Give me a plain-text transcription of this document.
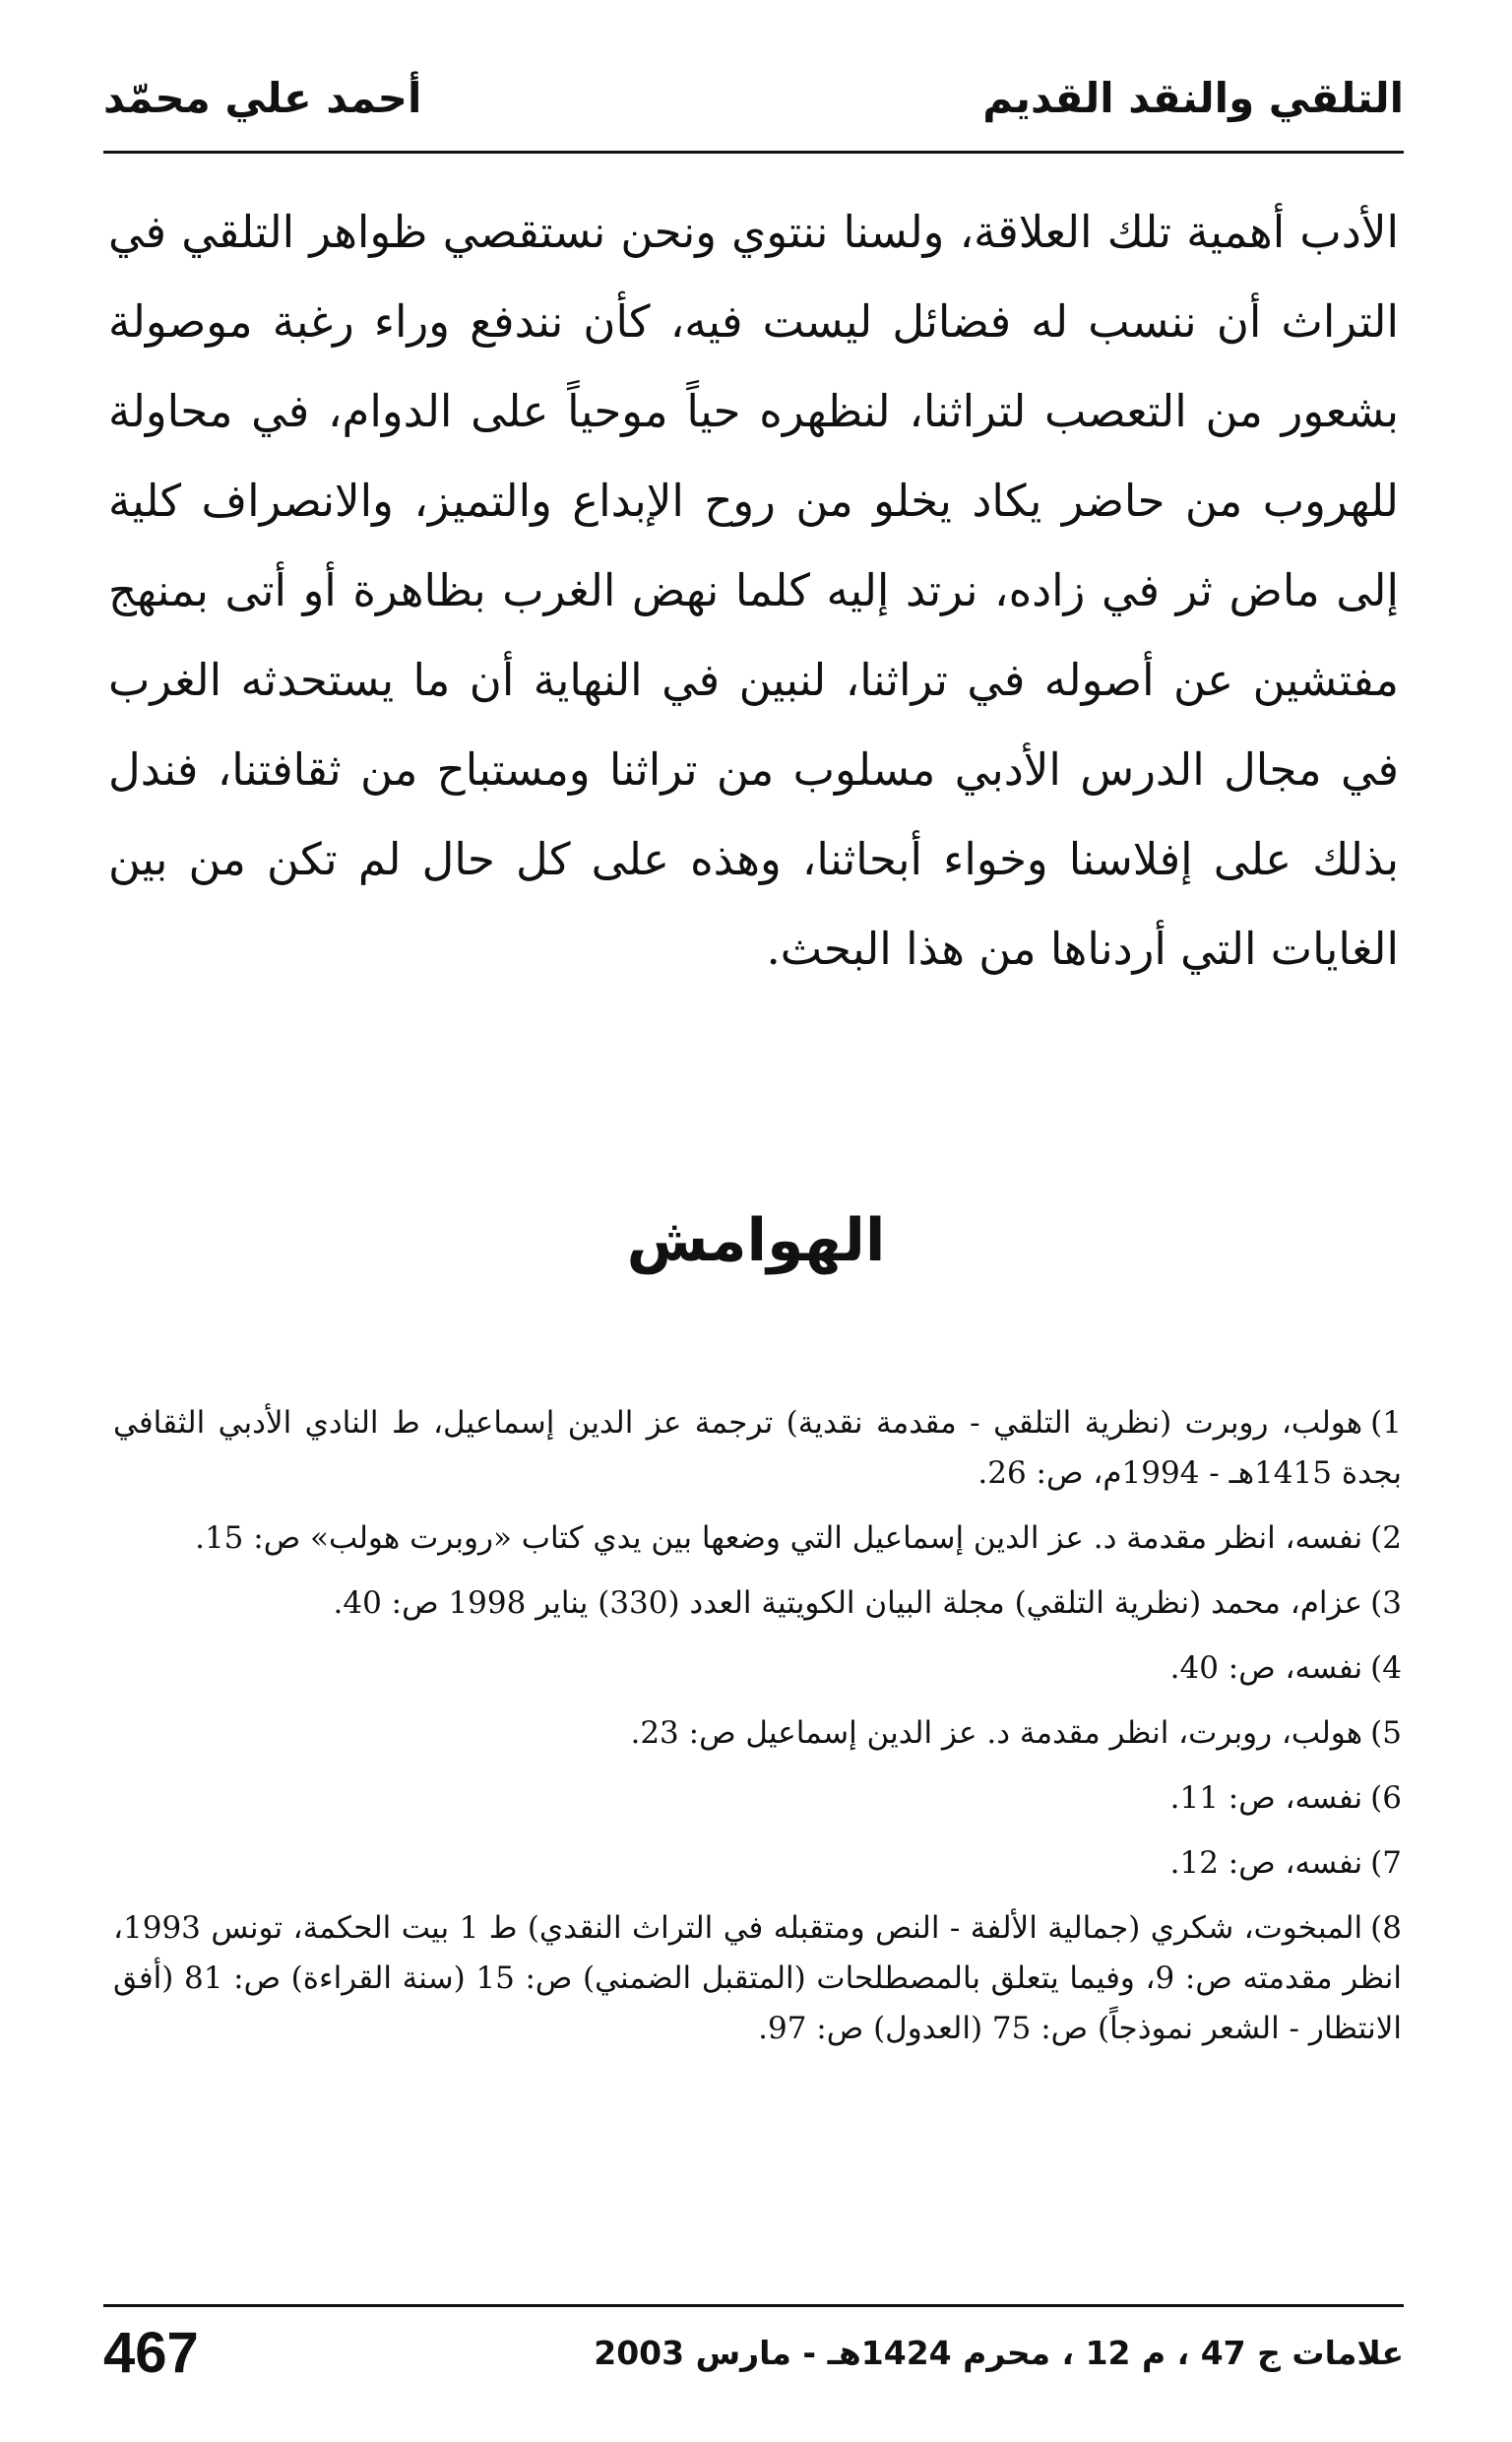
التلقي والنقد القديم
أحمد علي محمّد

الأدب أهمية تلك العلاقة، ولسنا ننتوي ونحن نستقصي ظواهر التلقي في التراث أن ننسب له فضائل ليست فيه، كأن نندفع وراء رغبة موصولة بشعور من التعصب لتراثنا، لنظهره حياً موحياً على الدوام، في محاولة للهروب من حاضر يكاد يخلو من روح الإبداع والتميز، والانصراف كلية إلى ماض ثر في زاده، نرتد إليه كلما نهض الغرب بظاهرة أو أتى بمنهج مفتشين عن أصوله في تراثنا، لنبين في النهاية أن ما يستحدثه الغرب في مجال الدرس الأدبي مسلوب من تراثنا ومستباح من ثقافتنا، فندل بذلك على إفلاسنا وخواء أبحاثنا، وهذه على كل حال لم تكن من بين الغايات التي أردناها من هذا البحث.

الهوامش
1)هولب، روبرت (نظرية التلقي - مقدمة نقدية) ترجمة عز الدين إسماعيل، ط النادي الأدبي الثقافي بجدة 1415هـ - 1994م، ص: 26.
2)نفسه، انظر مقدمة د. عز الدين إسماعيل التي وضعها بين يدي كتاب «روبرت هولب» ص: 15.
3)عزام، محمد (نظرية التلقي) مجلة البيان الكويتية العدد (330) يناير 1998 ص: 40.
4)نفسه، ص: 40.
5)هولب، روبرت، انظر مقدمة د. عز الدين إسماعيل ص: 23.
6)نفسه، ص: 11.
7)نفسه، ص: 12.
8)المبخوت، شكري (جمالية الألفة - النص ومتقبله في التراث النقدي) ط 1 بيت الحكمة، تونس 1993، انظر مقدمته ص: 9، وفيما يتعلق بالمصطلحات (المتقبل الضمني) ص: 15 (سنة القراءة) ص: 81 (أفق الانتظار - الشعر نموذجاً) ص: 75 (العدول) ص: 97.
علامات ج 47 ، م 12 ، محرم 1424هـ - مارس 2003
467
